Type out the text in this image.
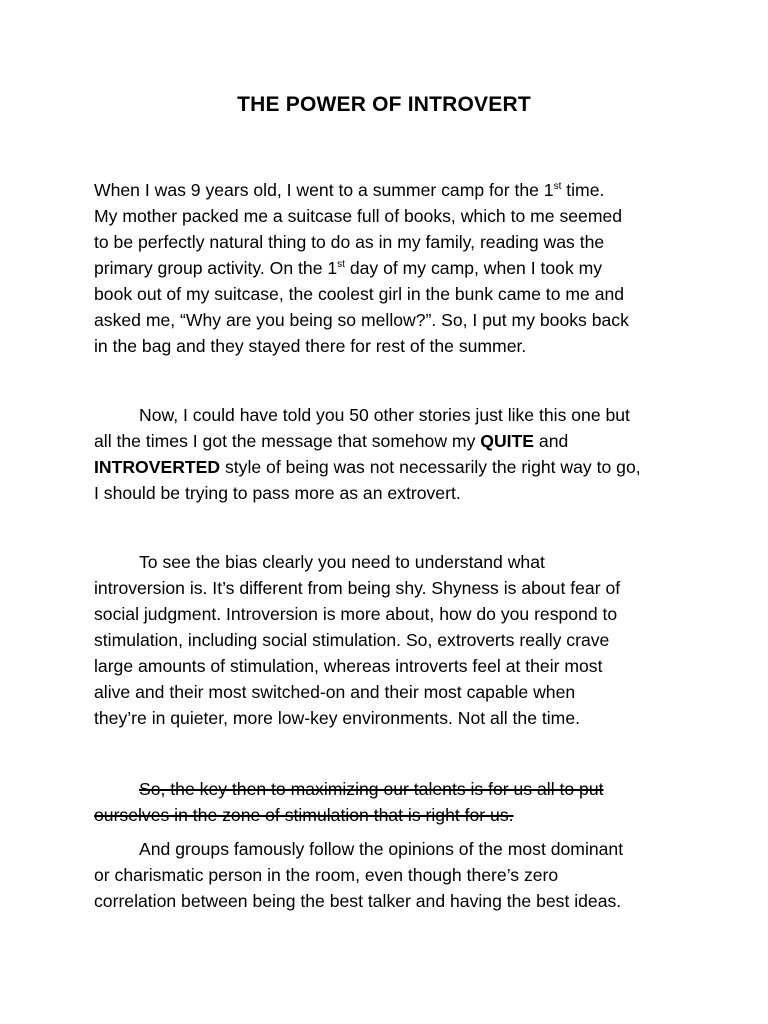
THE POWER OF INTROVERT
When I was 9 years old, I went to a summer camp for the 1st time.
My mother packed me a suitcase full of books, which to me seemed
to be perfectly natural thing to do as in my family, reading was the
primary group activity. On the 1st day of my camp, when I took my
book out of my suitcase, the coolest girl in the bunk came to me and
asked me, “Why are you being so mellow?”. So, I put my books back
in the bag and they stayed there for rest of the summer.
Now, I could have told you 50 other stories just like this one but
all the times I got the message that somehow my QUITE and
INTROVERTED style of being was not necessarily the right way to go,
I should be trying to pass more as an extrovert.
To see the bias clearly you need to understand what
introversion is. It’s different from being shy. Shyness is about fear of
social judgment. Introversion is more about, how do you respond to
stimulation, including social stimulation. So, extroverts really crave
large amounts of stimulation, whereas introverts feel at their most
alive and their most switched-on and their most capable when
they’re in quieter, more low-key environments. Not all the time.
So, the key then to maximizing our talents is for us all to put
ourselves in the zone of stimulation that is right for us.
And groups famously follow the opinions of the most dominant
or charismatic person in the room, even though there’s zero
correlation between being the best talker and having the best ideas.
